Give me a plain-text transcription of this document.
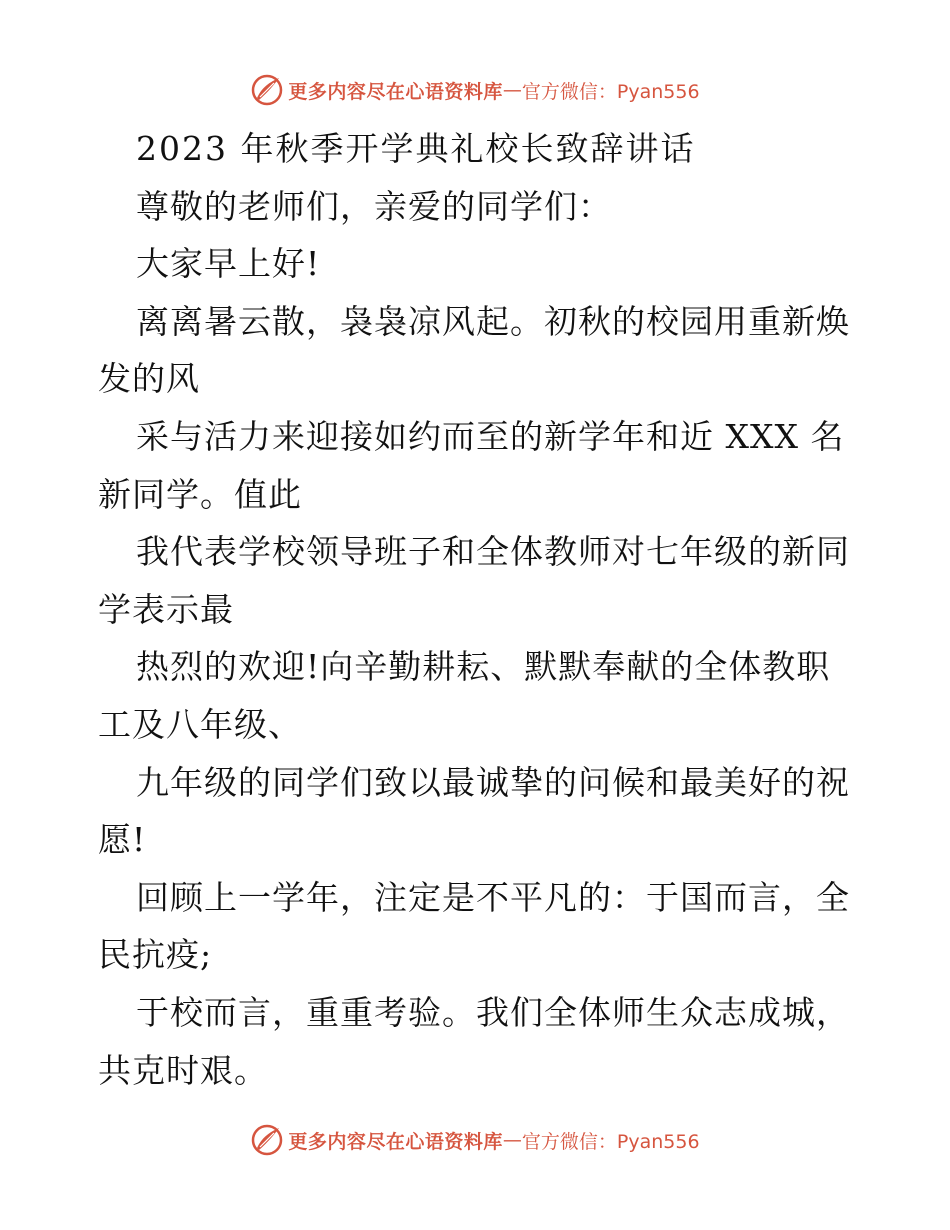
更多内容尽在心语资料库 — 官方微信：Pyan556

2023 年秋季开学典礼校长致辞讲话

尊敬的老师们，亲爱的同学们：

大家早上好!

离离暑云散，袅袅凉风起。初秋的校园用重新焕发的风

采与活力来迎接如约而至的新学年和近 XXX 名新同学。值此

我代表学校领导班子和全体教师对七年级的新同学表示最

热烈的欢迎!向辛勤耕耘、默默奉献的全体教职工及八年级、

九年级的同学们致以最诚挚的问候和最美好的祝愿!

回顾上一学年，注定是不平凡的：于国而言，全民抗疫;

于校而言，重重考验。我们全体师生众志成城，共克时艰。

更多内容尽在心语资料库 — 官方微信：Pyan556
